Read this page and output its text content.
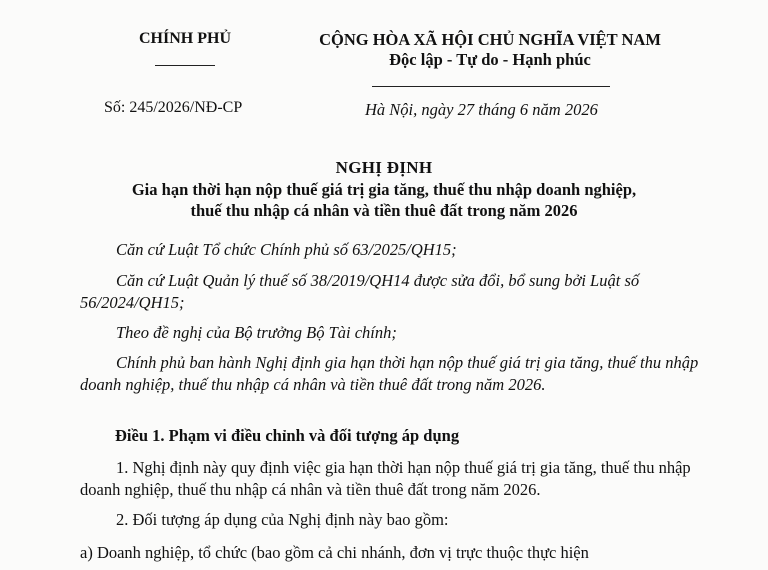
CHÍNH PHỦ	CỘNG HÒA XÃ HỘI CHỦ NGHĨA VIỆT NAM
Độc lập - Tự do - Hạnh phúc
Số: 245/2026/NĐ-CP	Hà Nội, ngày 27 tháng 6 năm 2026
NGHỊ ĐỊNH
Gia hạn thời hạn nộp thuế giá trị gia tăng, thuế thu nhập doanh nghiệp,
thuế thu nhập cá nhân và tiền thuê đất trong năm 2026
Căn cứ Luật Tổ chức Chính phủ số 63/2025/QH15;
Căn cứ Luật Quản lý thuế số 38/2019/QH14 được sửa đổi, bổ sung bởi Luật số 56/2024/QH15;
Theo đề nghị của Bộ trưởng Bộ Tài chính;
Chính phủ ban hành Nghị định gia hạn thời hạn nộp thuế giá trị gia tăng, thuế thu nhập doanh nghiệp, thuế thu nhập cá nhân và tiền thuê đất trong năm 2026.
Điều 1. Phạm vi điều chỉnh và đối tượng áp dụng
1. Nghị định này quy định việc gia hạn thời hạn nộp thuế giá trị gia tăng, thuế thu nhập doanh nghiệp, thuế thu nhập cá nhân và tiền thuê đất trong năm 2026.
2. Đối tượng áp dụng của Nghị định này bao gồm:
a) Doanh nghiệp, tổ chức (bao gồm cả chi nhánh, đơn vị trực thuộc thực hiện
